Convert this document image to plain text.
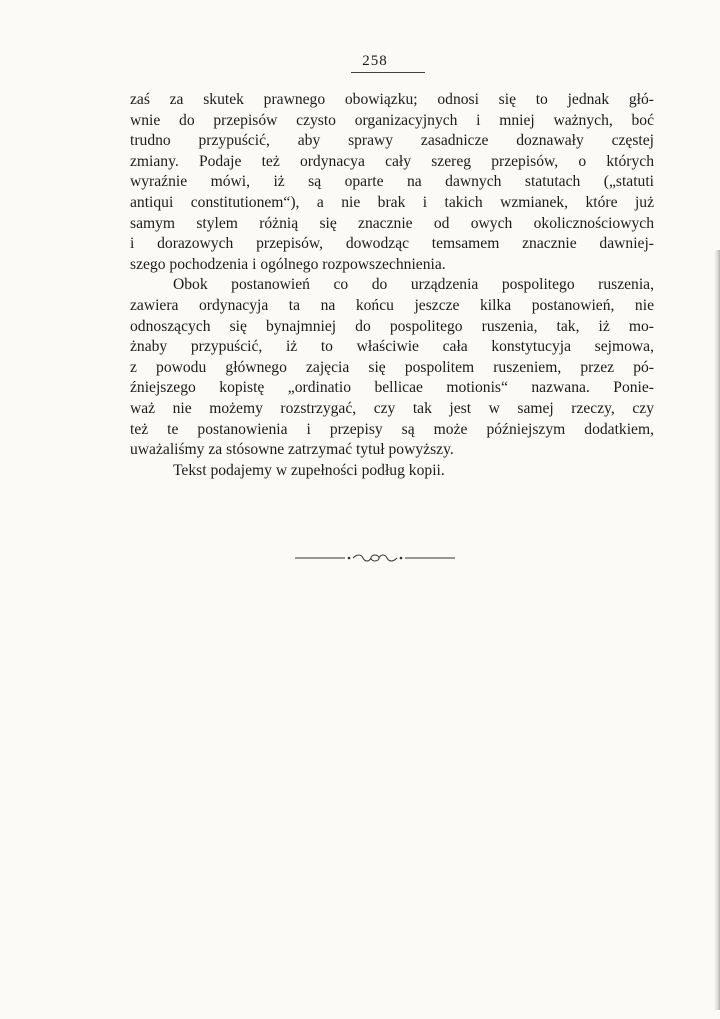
258
zaś za skutek prawnego obowiązku; odnosi się to jednak głó-
wnie do przepisów czysto organizacyjnych i mniej ważnych, boć
trudno przypuścić, aby sprawy zasadnicze doznawały częstej
zmiany. Podaje też ordynacya cały szereg przepisów, o których
wyraźnie mówi, iż są oparte na dawnych statutach („statuti
antiqui constitutionem“), a nie brak i takich wzmianek, które już
samym stylem różnią się znacznie od owych okolicznościowych
i dorazowych przepisów, dowodząc temsamem znacznie dawniej-
szego pochodzenia i ogólnego rozpowszechnienia.
Obok postanowień co do urządzenia pospolitego ruszenia,
zawiera ordynacyja ta na końcu jeszcze kilka postanowień, nie
odnoszących się bynajmniej do pospolitego ruszenia, tak, iż mo-
żnaby przypuścić, iż to właściwie cała konstytucyja sejmowa,
z powodu głównego zajęcia się pospolitem ruszeniem, przez pó-
źniejszego kopistę „ordinatio bellicae motionis“ nazwana. Ponie-
waż nie możemy rozstrzygać, czy tak jest w samej rzeczy, czy
też te postanowienia i przepisy są może późniejszym dodatkiem,
uważaliśmy za stósowne zatrzymać tytuł powyższy.
Tekst podajemy w zupełności podług kopii.
